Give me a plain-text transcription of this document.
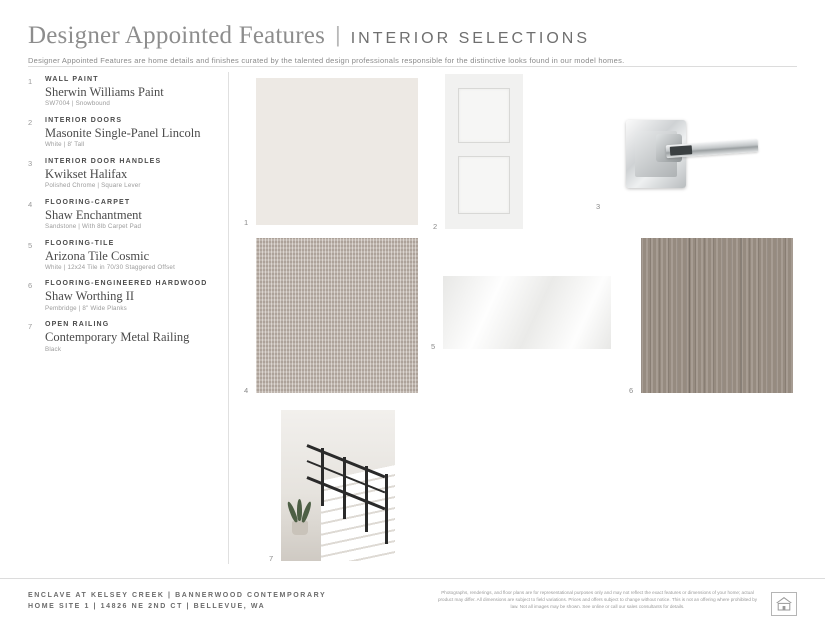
Designer Appointed Features | INTERIOR SELECTIONS
Designer Appointed Features are home details and finishes curated by the talented design professionals responsible for the distinctive looks found in our model homes.
1 WALL PAINT
Sherwin Williams Paint
SW7004 | Snowbound
2 INTERIOR DOORS
Masonite Single-Panel Lincoln
White | 8' Tall
3 INTERIOR DOOR HANDLES
Kwikset Halifax
Polished Chrome | Square Lever
4 FLOORING-CARPET
Shaw Enchantment
Sandstone | With 8lb Carpet Pad
5 FLOORING-TILE
Arizona Tile Cosmic
White | 12x24 Tile in 70/30 Staggered Offset
6 FLOORING-ENGINEERED HARDWOOD
Shaw Worthing II
Pembridge | 8" Wide Planks
7 OPEN RAILING
Contemporary Metal Railing
Black
1	2
3
4
5
6
7
ENCLAVE AT KELSEY CREEK | BANNERWOOD CONTEMPORARY
HOME SITE 1 | 14826 NE 2ND CT | BELLEVUE, WA
Photographs, renderings, and floor plans are for representational purposes only and may not reflect the exact features or dimensions of your home; actual product may differ. All dimensions are subject to field variations. Prices and offers subject to change without notice. This is not an offering where prohibited by law. Not all images may be shown. See online or call our sales consultants for details.
